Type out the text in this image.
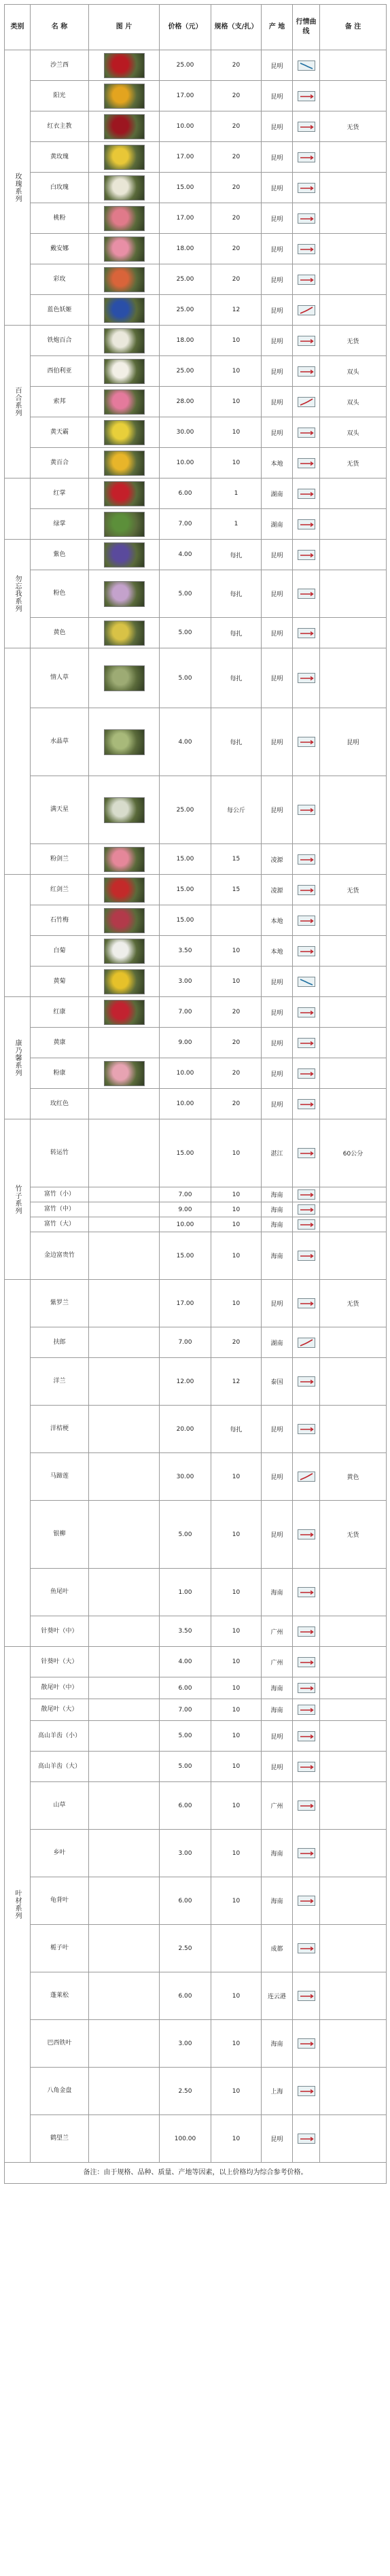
类别	名 称	图 片	价格（元）	规格（支/扎）	产 地	行情曲线	备 注

玫瑰系列	沙兰西		25.00	20	昆明	

	阳光		17.00	20	昆明	

	红衣主教		10.00	20	昆明		无货
	黄玫瑰		17.00	20	昆明	

	白玫瑰		15.00	20	昆明	

	桃粉		17.00	20	昆明	

	戴安娜		18.00	20	昆明	

	彩玫		25.00	20	昆明	

	蓝色妖姬		25.00	12	昆明	

百合系列	铁炮百合		18.00	10	昆明		无货
	西伯利亚		25.00	10	昆明		双头
	索邦		28.00	10	昆明		双头
	黄天霸		30.00	10	昆明		双头
	黄百合		10.00	10	本地		无货

	红掌		6.00	1	湖南	

	绿掌		7.00	1	湖南	

勿忘我系列	紫色		4.00	每扎	昆明	

	粉色		5.00	每扎	昆明	

	黄色		5.00	每扎	昆明	

	情人草		5.00	每扎	昆明	

	水晶草		4.00	每扎	昆明		昆明
	满天星		25.00	每公斤	昆明	

	粉剑兰		15.00	15	凌源	

	红剑兰		15.00	15	凌源		无货
	石竹梅		15.00		本地	

	白菊		3.50	10	本地	

	黄菊		3.00	10	昆明	

康乃馨系列	红康		7.00	20	昆明	

	黄康		9.00	20	昆明	

	粉康		10.00	20	昆明	

	玫红色		10.00	20	昆明	

竹子系列	转运竹		15.00	10	湛江		60公分
	富竹（小）		7.00	10	海南	

	富竹（中）		9.00	10	海南	

	富竹（大）		10.00	10	海南	

	金边富贵竹		15.00	10	海南	

	紫罗兰		17.00	10	昆明		无货
	扶郎		7.00	20	湖南	

	洋兰		12.00	12	泰国	

	洋桔梗		20.00	每扎	昆明	

	马蹄莲		30.00	10	昆明		黄色
	银柳		5.00	10	昆明		无货
	鱼尾叶		1.00	10	海南	

	针葵叶（中）		3.50	10	广州	

叶材系列	针葵叶（大）		4.00	10	广州	

	散尾叶（中）		6.00	10	海南	

	散尾叶（大）		7.00	10	海南	

	高山羊齿（小）		5.00	10	昆明	

	高山羊齿（大）		5.00	10	昆明	

	山草		6.00	10	广州	

	乡叶		3.00	10	海南	

	龟背叶		6.00	10	海南	

	栀子叶		2.50		成都	

	蓬莱松		6.00	10	连云港	

	巴西铁叶		3.00	10	海南	

	八角金盘		2.50	10	上海	

	鹤望兰		100.00	10	昆明	

备注：由于规格、品种、质量、产地等因素，以上价格均为综合参考价格。							
